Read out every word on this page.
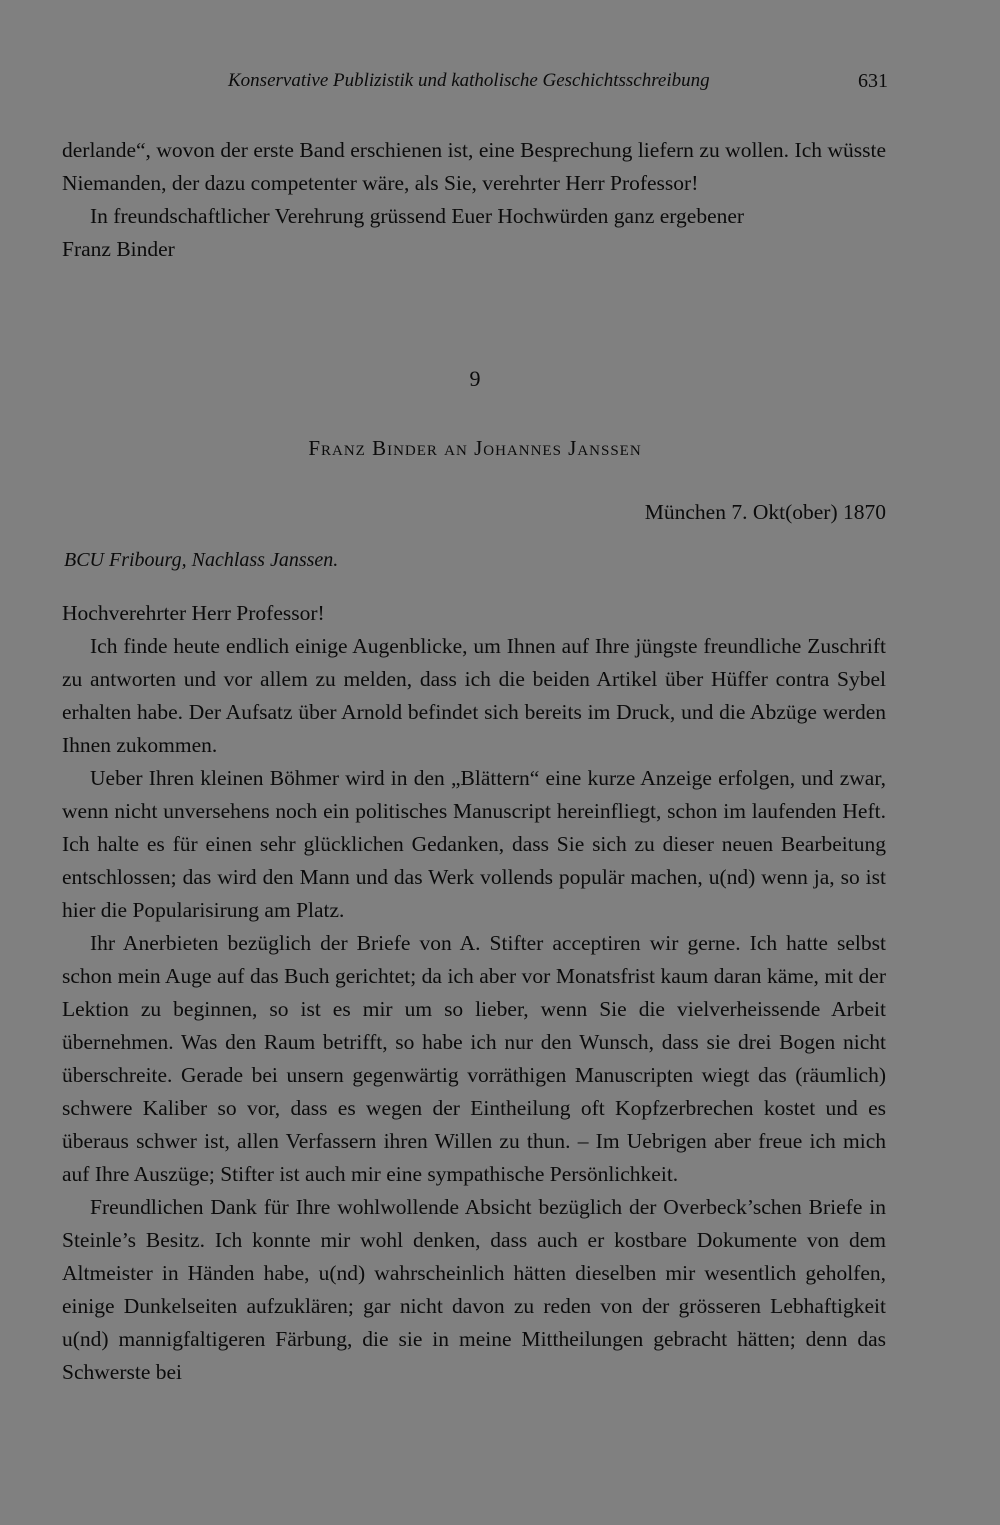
Konservative Publizistik und katholische Geschichtsschreibung	631

derlande“, wovon der erste Band erschienen ist, eine Besprechung liefern zu wollen. Ich wüsste Niemanden, der dazu competenter wäre, als Sie, verehrter Herr Professor!

In freundschaftlicher Verehrung grüssend Euer Hochwürden ganz ergebener

Franz Binder

9
Franz Binder an Johannes Janssen
München 7. Okt(ober) 1870
BCU Fribourg, Nachlass Janssen.

Hochverehrter Herr Professor!

Ich finde heute endlich einige Augenblicke, um Ihnen auf Ihre jüngste freundliche Zuschrift zu antworten und vor allem zu melden, dass ich die beiden Artikel über Hüffer contra Sybel erhalten habe. Der Aufsatz über Arnold befindet sich bereits im Druck, und die Abzüge werden Ihnen zukommen.

Ueber Ihren kleinen Böhmer wird in den „Blättern“ eine kurze Anzeige erfolgen, und zwar, wenn nicht unversehens noch ein politisches Manuscript hereinfliegt, schon im laufenden Heft. Ich halte es für einen sehr glücklichen Gedanken, dass Sie sich zu dieser neuen Bearbeitung entschlossen; das wird den Mann und das Werk vollends populär machen, u(nd) wenn ja, so ist hier die Popularisirung am Platz.

Ihr Anerbieten bezüglich der Briefe von A. Stifter acceptiren wir gerne. Ich hatte selbst schon mein Auge auf das Buch gerichtet; da ich aber vor Monatsfrist kaum daran käme, mit der Lektion zu beginnen, so ist es mir um so lieber, wenn Sie die vielverheissende Arbeit übernehmen. Was den Raum betrifft, so habe ich nur den Wunsch, dass sie drei Bogen nicht überschreite. Gerade bei unsern gegenwärtig vorräthigen Manuscripten wiegt das (räumlich) schwere Kaliber so vor, dass es wegen der Eintheilung oft Kopfzerbrechen kostet und es überaus schwer ist, allen Verfassern ihren Willen zu thun. – Im Uebrigen aber freue ich mich auf Ihre Auszüge; Stifter ist auch mir eine sympathische Persönlichkeit.

Freundlichen Dank für Ihre wohlwollende Absicht bezüglich der Overbeck’schen Briefe in Steinle’s Besitz. Ich konnte mir wohl denken, dass auch er kostbare Dokumente von dem Altmeister in Händen habe, u(nd) wahrscheinlich hätten dieselben mir wesentlich geholfen, einige Dunkelseiten aufzuklären; gar nicht davon zu reden von der grösseren Lebhaftigkeit u(nd) mannigfaltigeren Färbung, die sie in meine Mittheilungen gebracht hätten; denn das Schwerste bei
